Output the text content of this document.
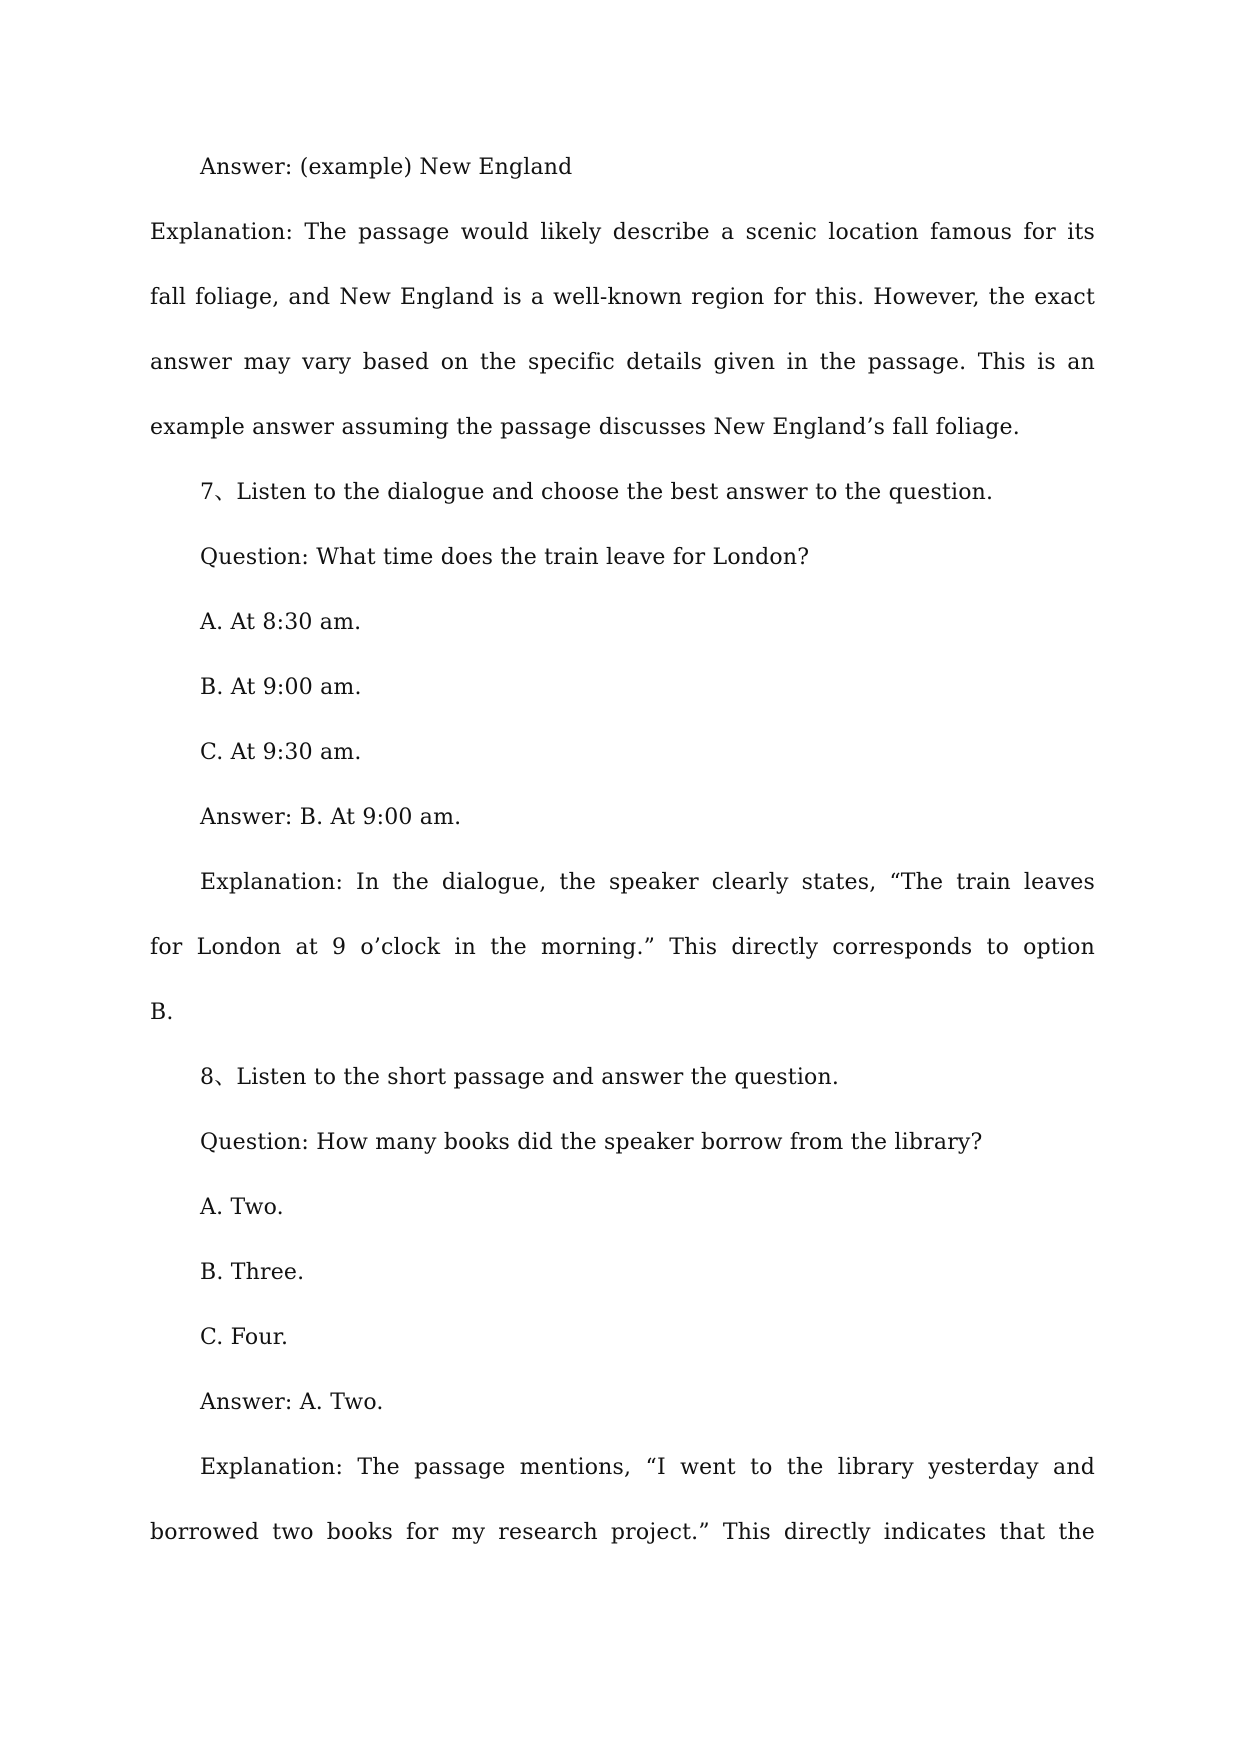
Answer: (example) New England
Explanation: The passage would likely describe a scenic location famous for its
fall foliage, and New England is a well-known region for this. However, the exact
answer may vary based on the specific details given in the passage. This is an
example answer assuming the passage discusses New England’s fall foliage.
7、Listen to the dialogue and choose the best answer to the question.
Question: What time does the train leave for London?
A. At 8:30 am.
B. At 9:00 am.
C. At 9:30 am.
Answer: B. At 9:00 am.
Explanation: In the dialogue, the speaker clearly states, “The train leaves
for London at 9 o’clock in the morning.” This directly corresponds to option
B.
8、Listen to the short passage and answer the question.
Question: How many books did the speaker borrow from the library?
A. Two.
B. Three.
C. Four.
Answer: A. Two.
Explanation: The passage mentions, “I went to the library yesterday and
borrowed two books for my research project.” This directly indicates that the
